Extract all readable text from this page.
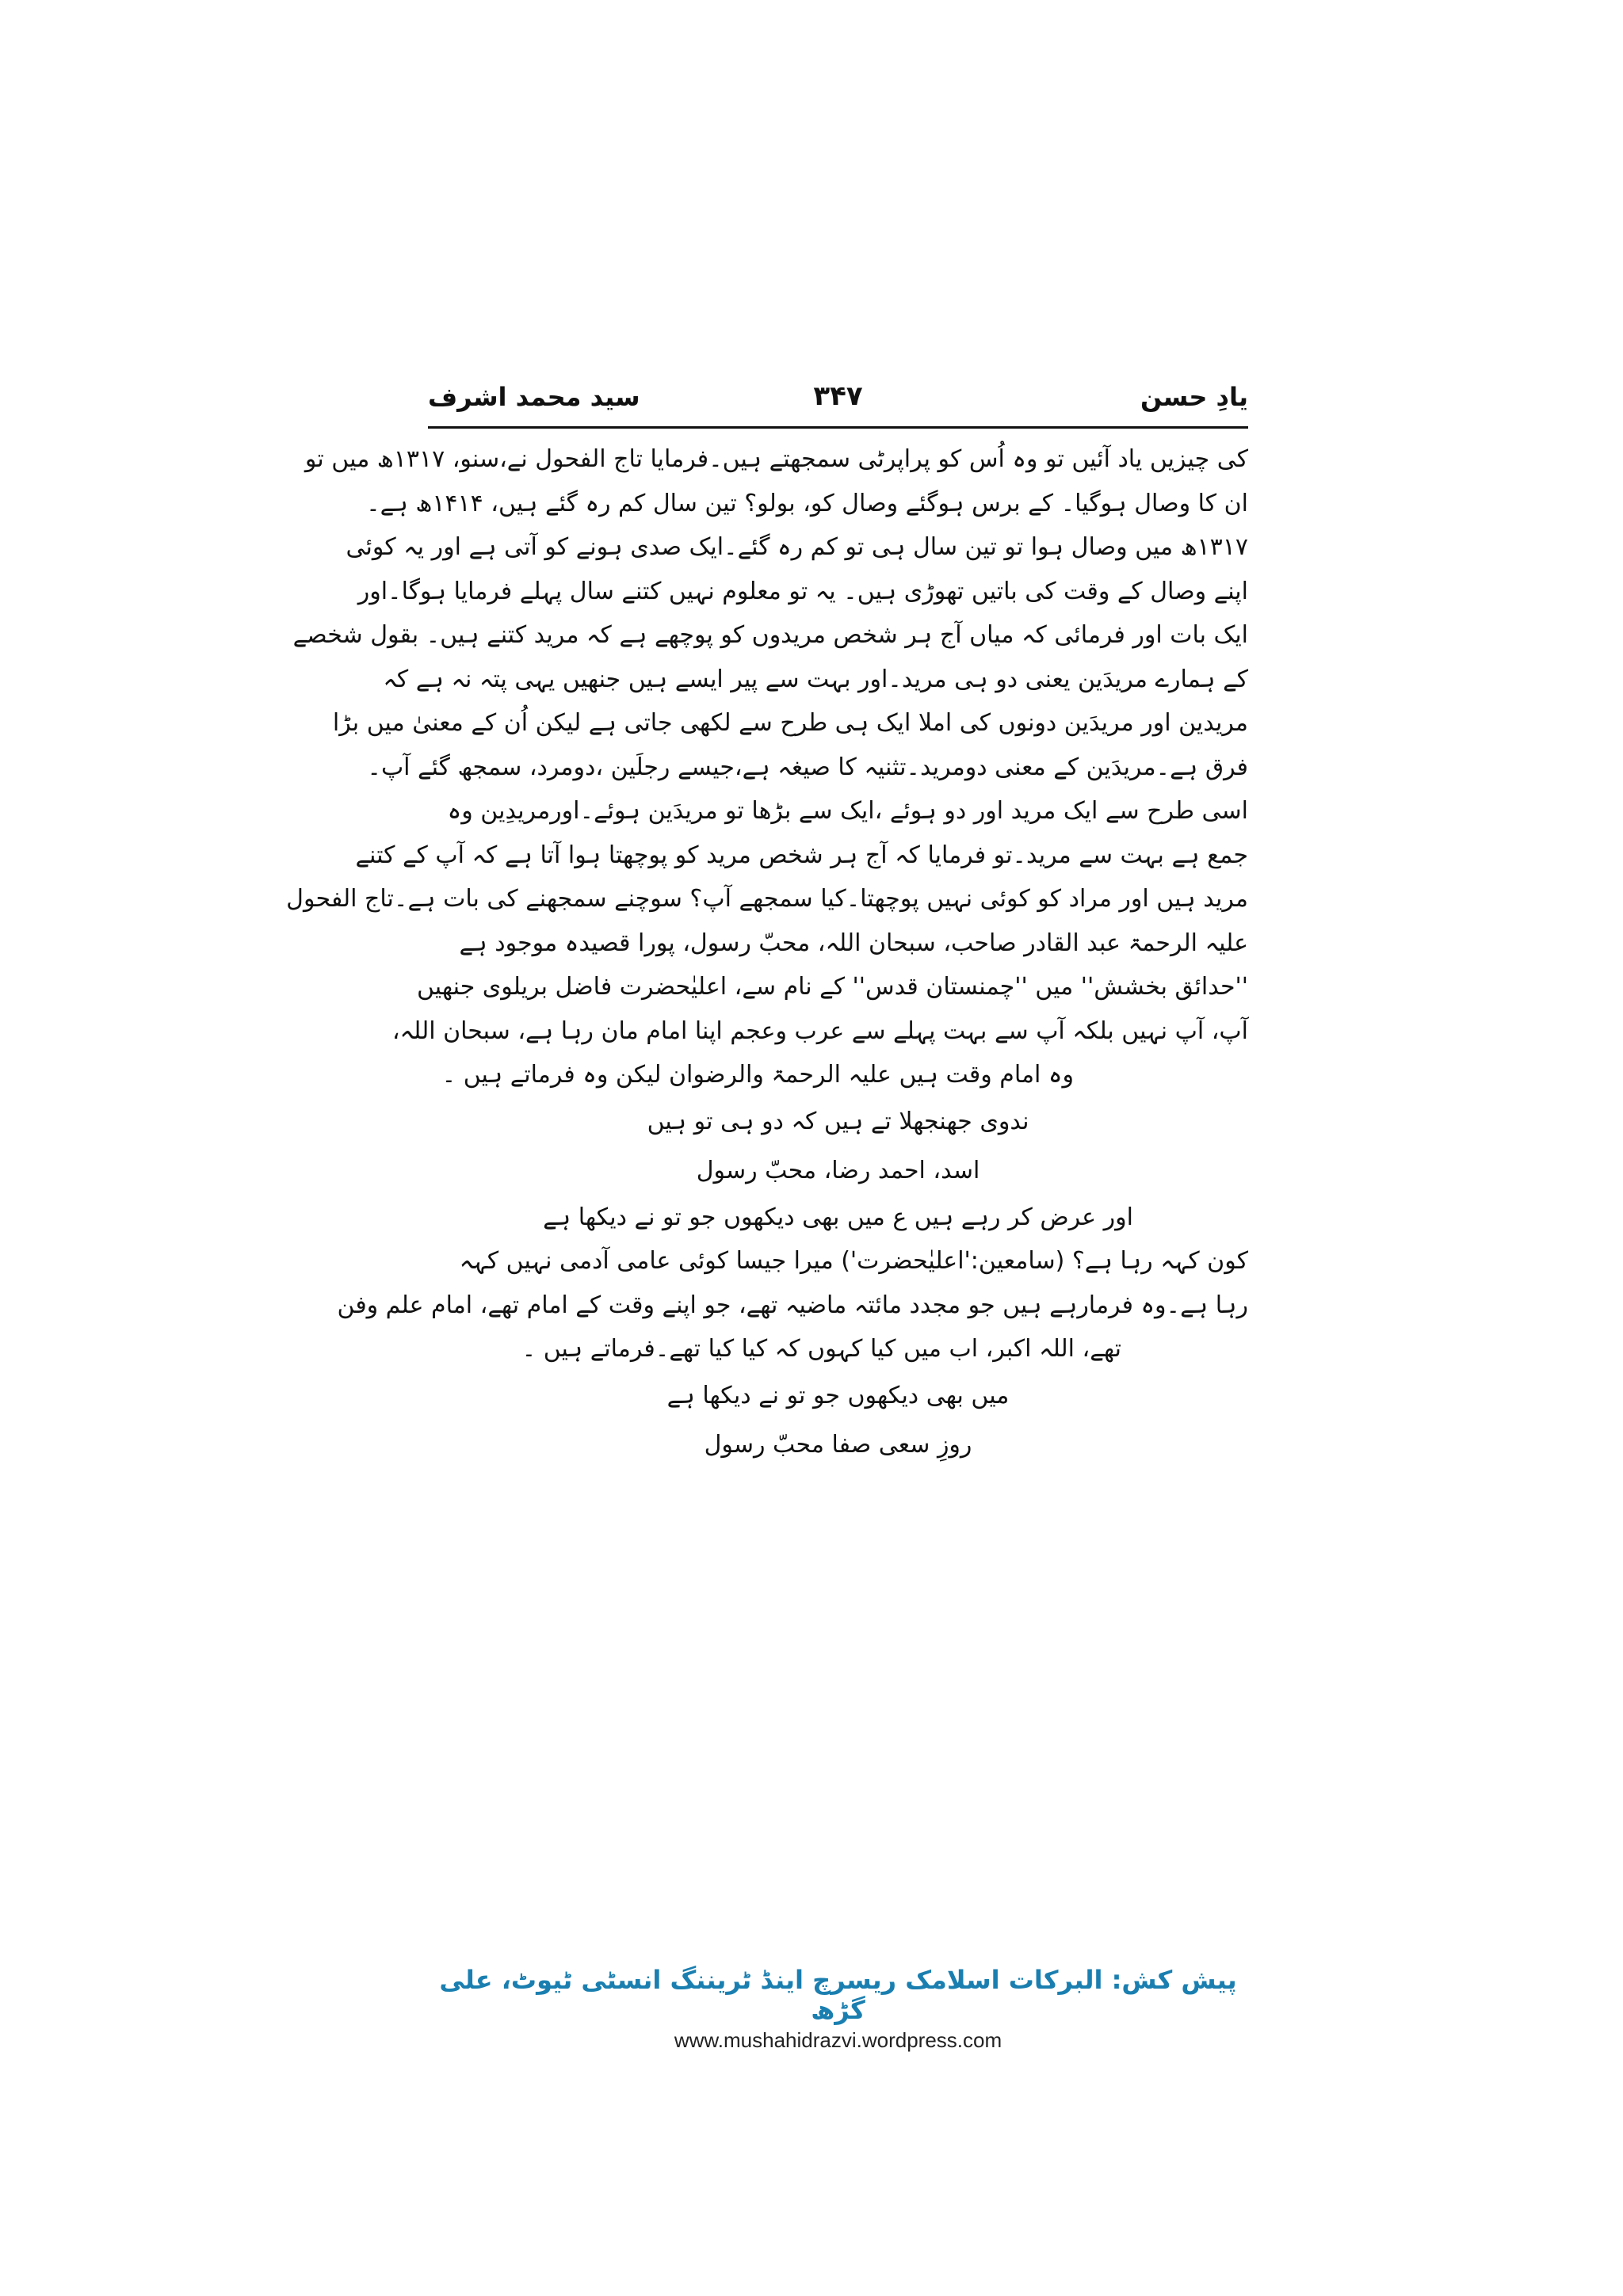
یادِ حسن
۳۴۷
سید محمد اشرف
کی چیزیں یاد آئیں تو وہ اُس کو پراپرٹی سمجھتے ہیں۔فرمایا تاج الفحول نے،سنو، ۱۳۱۷ھ میں تو
ان کا وصال ہوگیا۔ کے برس ہوگئے وصال کو، بولو؟ تین سال کم رہ گئے ہیں، ۱۴۱۴ھ ہے۔
۱۳۱۷ھ میں وصال ہوا تو تین سال ہی تو کم رہ گئے۔ایک صدی ہونے کو آتی ہے اور یہ کوئی
اپنے وصال کے وقت کی باتیں تھوڑی ہیں۔ یہ تو معلوم نہیں کتنے سال پہلے فرمایا ہوگا۔اور
ایک بات اور فرمائی کہ میاں آج ہر شخص مریدوں کو پوچھے ہے کہ مرید کتنے ہیں۔ بقول شخصے
کے ہمارے مریدَین یعنی دو ہی مرید۔اور بہت سے پیر ایسے ہیں جنھیں یہی پتہ نہ ہے کہ
مریدین اور مریدَین دونوں کی املا ایک ہی طرح سے لکھی جاتی ہے لیکن اُن کے معنیٰ میں بڑا
فرق ہے۔مریدَین کے معنی دومرید۔تثنیہ کا صیغہ ہے،جیسے رجلَین ،دومرد، سمجھ گئے آپ۔
اسی طرح سے ایک مرید اور دو ہوئے ،ایک سے بڑھا تو مریدَین ہوئے۔اورمریدِین وہ
جمع ہے بہت سے مرید۔تو فرمایا کہ آج ہر شخص مرید کو پوچھتا ہوا آتا ہے کہ آپ کے کتنے
مرید ہیں اور مراد کو کوئی نہیں پوچھتا۔کیا سمجھے آپ؟ سوچنے سمجھنے کی بات ہے۔تاج الفحول
علیہ الرحمۃ عبد القادر صاحب، سبحان اللہ، محبّ رسول، پورا قصیدہ موجود ہے
''حدائق بخشش'' میں ''چمنستان قدس'' کے نام سے، اعلیٰحضرت فاضل بریلوی جنھیں
آپ، آپ نہیں بلکہ آپ سے بہت پہلے سے عرب وعجم اپنا امام مان رہا ہے، سبحان اللہ،
وہ امام وقت ہیں علیہ الرحمۃ والرضوان لیکن وہ فرماتے ہیں ۔
ندوی جھنجھلا تے ہیں کہ دو ہی تو ہیں
اسد، احمد رضا، محبّ رسول
اور عرض کر رہے ہیں ع میں بھی دیکھوں جو تو نے دیکھا ہے
کون کہہ رہا ہے؟ (سامعین:'اعلیٰحضرت') میرا جیسا کوئی عامی آدمی نہیں کہہ
رہا ہے۔وہ فرمارہے ہیں جو مجدد مائتہ ماضیہ تھے، جو اپنے وقت کے امام تھے، امام علم وفن
تھے، اللہ اکبر، اب میں کیا کہوں کہ کیا کیا تھے۔فرماتے ہیں ۔
میں بھی دیکھوں جو تو نے دیکھا ہے
روزِ سعی صفا محبّ رسول
پیش کش: البرکات اسلامک ریسرچ اینڈ ٹریننگ انسٹی ٹیوٹ، علی گڑھ
www.mushahidrazvi.wordpress.com
